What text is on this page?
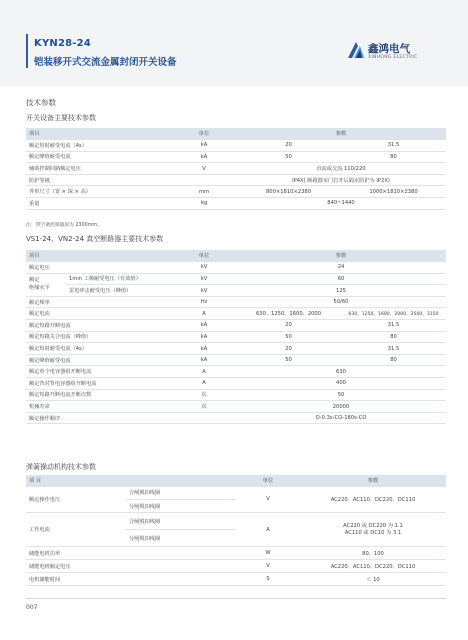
KYN28-24
铠装移开式交流金属封闭开关设备
鑫鸿电气
XINHONG ELECTRIC
技术参数
开关设备主要技术参数
项目	单位	参数	
额定短时耐受电流（4s）	kA	20	31.5
额定峰值耐受电流	kA	50	80
辅助控制回路额定电压	V	直流或交流 110/220	
防护等级		IP4X( 断路器室门打开后隔室防护为 IP2X)	
外形尺寸（宽 × 深 × 高）	mm	800×1810×2380	1000×1810×2380
重量	kg	840~1440	
注：带空调控制器厚为 2300mm。
VS1-24、VN2-24 真空断路器主要技术参数
项目		单位	参数	
额定电压		kV	24	
额定
绝缘水平	1min 工频耐受电压（有效值）	kV	60	
	雷电冲击耐受电压（峰值）	kV	125	
额定频率		Hz	50/60	
额定电流		A	630、1250、1600、2000	630、1250、1600、2000、2500、3150
额定短路开断电流		kA	20	31.5
额定短路关合电流（峰值）		kA	50	80
额定短时耐受电流（4s）		kA	20	31.5
额定峰值耐受电流		kA	50	80
额定单个电容器组开断电流		A	630	
额定背对背电容器组开断电流		A	400	
额定短路开断电流开断次数		次	50	
机械寿命		次	20000	
额定操作顺序			O-0.3s-CO-180s-CO	
弹簧操动机构技术参数
项 目		单位	参数
额定操作电压	合闸脱扣线圈	V	AC220、AC110、DC220、DC110
	分闸脱扣线圈		
工作电流	合闸脱扣线圈	A	AC220 或 DC220 为 1.1
AC110 或 DC10 为 3.1

	分闸脱扣线圈		
储能电机功率		W	80、100
储能电机额定电压		V	AC220、AC110、DC220、DC110
电机储能时间		S	＜ 10
007
